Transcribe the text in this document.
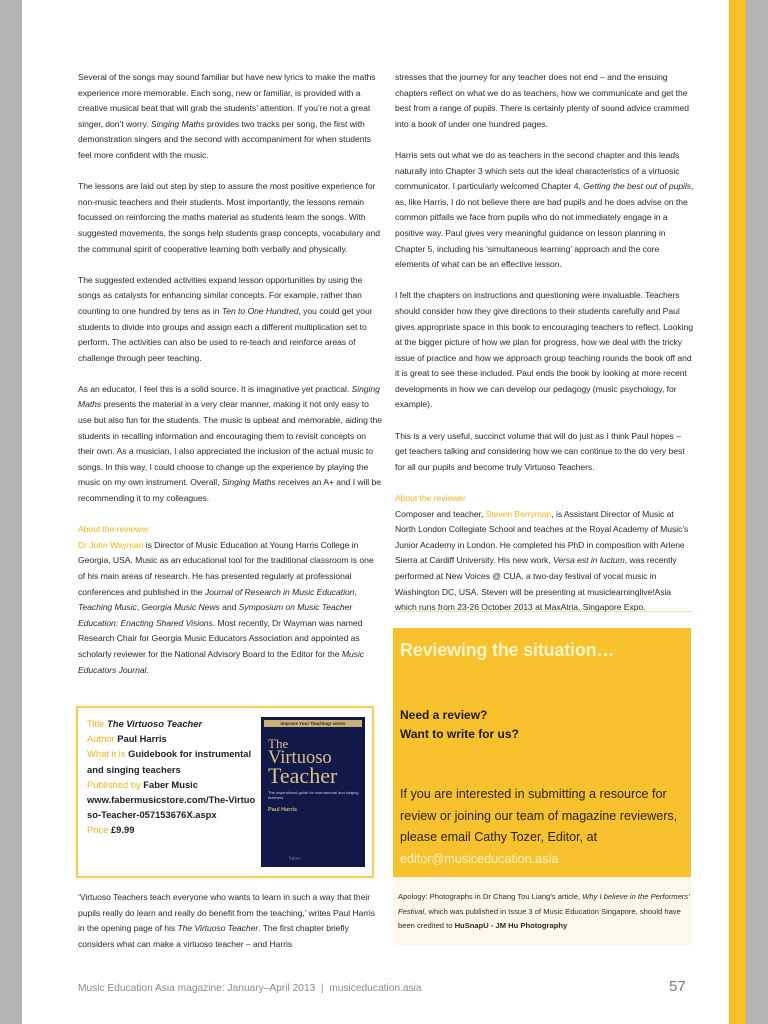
Several of the songs may sound familiar but have new lyrics to make the maths experience more memorable. Each song, new or familiar, is provided with a creative musical beat that will grab the students’ attention. If you’re not a great singer, don’t worry. Singing Maths provides two tracks per song, the first with demonstration singers and the second with accompaniment for when students feel more confident with the music.

The lessons are laid out step by step to assure the most positive experience for non-music teachers and their students. Most importantly, the lessons remain focussed on reinforcing the maths material as students learn the songs. With suggested movements, the songs help students grasp concepts, vocabulary and the communal spirit of cooperative learning both verbally and physically.

The suggested extended activities expand lesson opportunities by using the songs as catalysts for enhancing similar concepts. For example, rather than counting to one hundred by tens as in Ten to One Hundred, you could get your students to divide into groups and assign each a different multiplication set to perform. The activities can also be used to re-teach and reinforce areas of challenge through peer teaching.

As an educator, I feel this is a solid source. It is imaginative yet practical. Singing Maths presents the material in a very clear manner, making it not only easy to use but also fun for the students. The music is upbeat and memorable, aiding the students in recalling information and encouraging them to revisit concepts on their own. As a musician, I also appreciated the inclusion of the actual music to songs. In this way, I could choose to change up the experience by playing the music on my own instrument. Overall, Singing Maths receives an A+ and I will be recommending it to my colleagues.

About the reviewer

Dr John Wayman is Director of Music Education at Young Harris College in Georgia, USA. Music as an educational tool for the traditional classroom is one of his main areas of research. He has presented regularly at professional conferences and published in the Journal of Research in Music Education, Teaching Music, Georgia Music News and Symposium on Music Teacher Education: Enacting Shared Visions. Most recently, Dr Wayman was named Research Chair for Georgia Music Educators Association and appointed as scholarly reviewer for the National Advisory Board to the Editor for the Music Educators Journal.

Title The Virtuoso Teacher
Author Paul Harris
What it is Guidebook for instrumental and singing teachers
Published by Faber Music
www.fabermusicstore.com/The-Virtuoso-Teacher-057153676X.aspx
Price £9.99
Improve Your Teaching! series
The
Virtuoso
Teacher
The inspirational guide for instrumental and singing teachers
Paul Harris
faber

‘Virtuoso Teachers teach everyone who wants to learn in such a way that their pupils really do learn and really do benefit from the teaching,’ writes Paul Harris in the opening page of his The Virtuoso Teacher. The first chapter briefly considers what can make a virtuoso teacher – and Harris

stresses that the journey for any teacher does not end – and the ensuing chapters reflect on what we do as teachers, how we communicate and get the best from a range of pupils. There is certainly plenty of sound advice crammed into a book of under one hundred pages.

Harris sets out what we do as teachers in the second chapter and this leads naturally into Chapter 3 which sets out the ideal characteristics of a virtuosic communicator. I particularly welcomed Chapter 4, Getting the best out of pupils, as, like Harris, I do not believe there are bad pupils and he does advise on the common pitfalls we face from pupils who do not immediately engage in a positive way. Paul gives very meaningful guidance on lesson planning in Chapter 5, including his ‘simultaneous learning’ approach and the core elements of what can be an effective lesson.

I felt the chapters on instructions and questioning were invaluable. Teachers should consider how they give directions to their students carefully and Paul gives appropriate space in this book to encouraging teachers to reflect. Looking at the bigger picture of how we plan for progress, how we deal with the tricky issue of practice and how we approach group teaching rounds the book off and it is great to see these included. Paul ends the book by looking at more recent developments in how we can develop our pedagogy (music psychology, for example).

This is a very useful, succinct volume that will do just as I think Paul hopes – get teachers talking and considering how we can continue to the do very best for all our pupils and become truly Virtuoso Teachers.

About the reviewer

Composer and teacher, Steven Berryman, is Assistant Director of Music at North London Collegiate School and teaches at the Royal Academy of Music’s Junior Academy in London. He completed his PhD in composition with Arlene Sierra at Cardiff University. His new work, Versa est in luctum, was recently performed at New Voices @ CUA, a two-day festival of vocal music in Washington DC, USA. Steven will be presenting at musiclearninglive!Asia which runs from 23-26 October 2013 at MaxAtria, Singapore Expo.

Reviewing the situation…
Need a review?
Want to write for us?
If you are interested in submitting a resource for review or joining our team of magazine reviewers, please email Cathy Tozer, Editor, at editor@musiceducation.asia
Apology: Photographs in Dr Chang Tou Liang’s article, Why I believe in the Performers’ Festival, which was published in Issue 3 of Music Education Singapore, should have been credited to HuSnapU - JM Hu Photography
Music Education Asia magazine: January–April 2013  |  musiceducation.asia	57
